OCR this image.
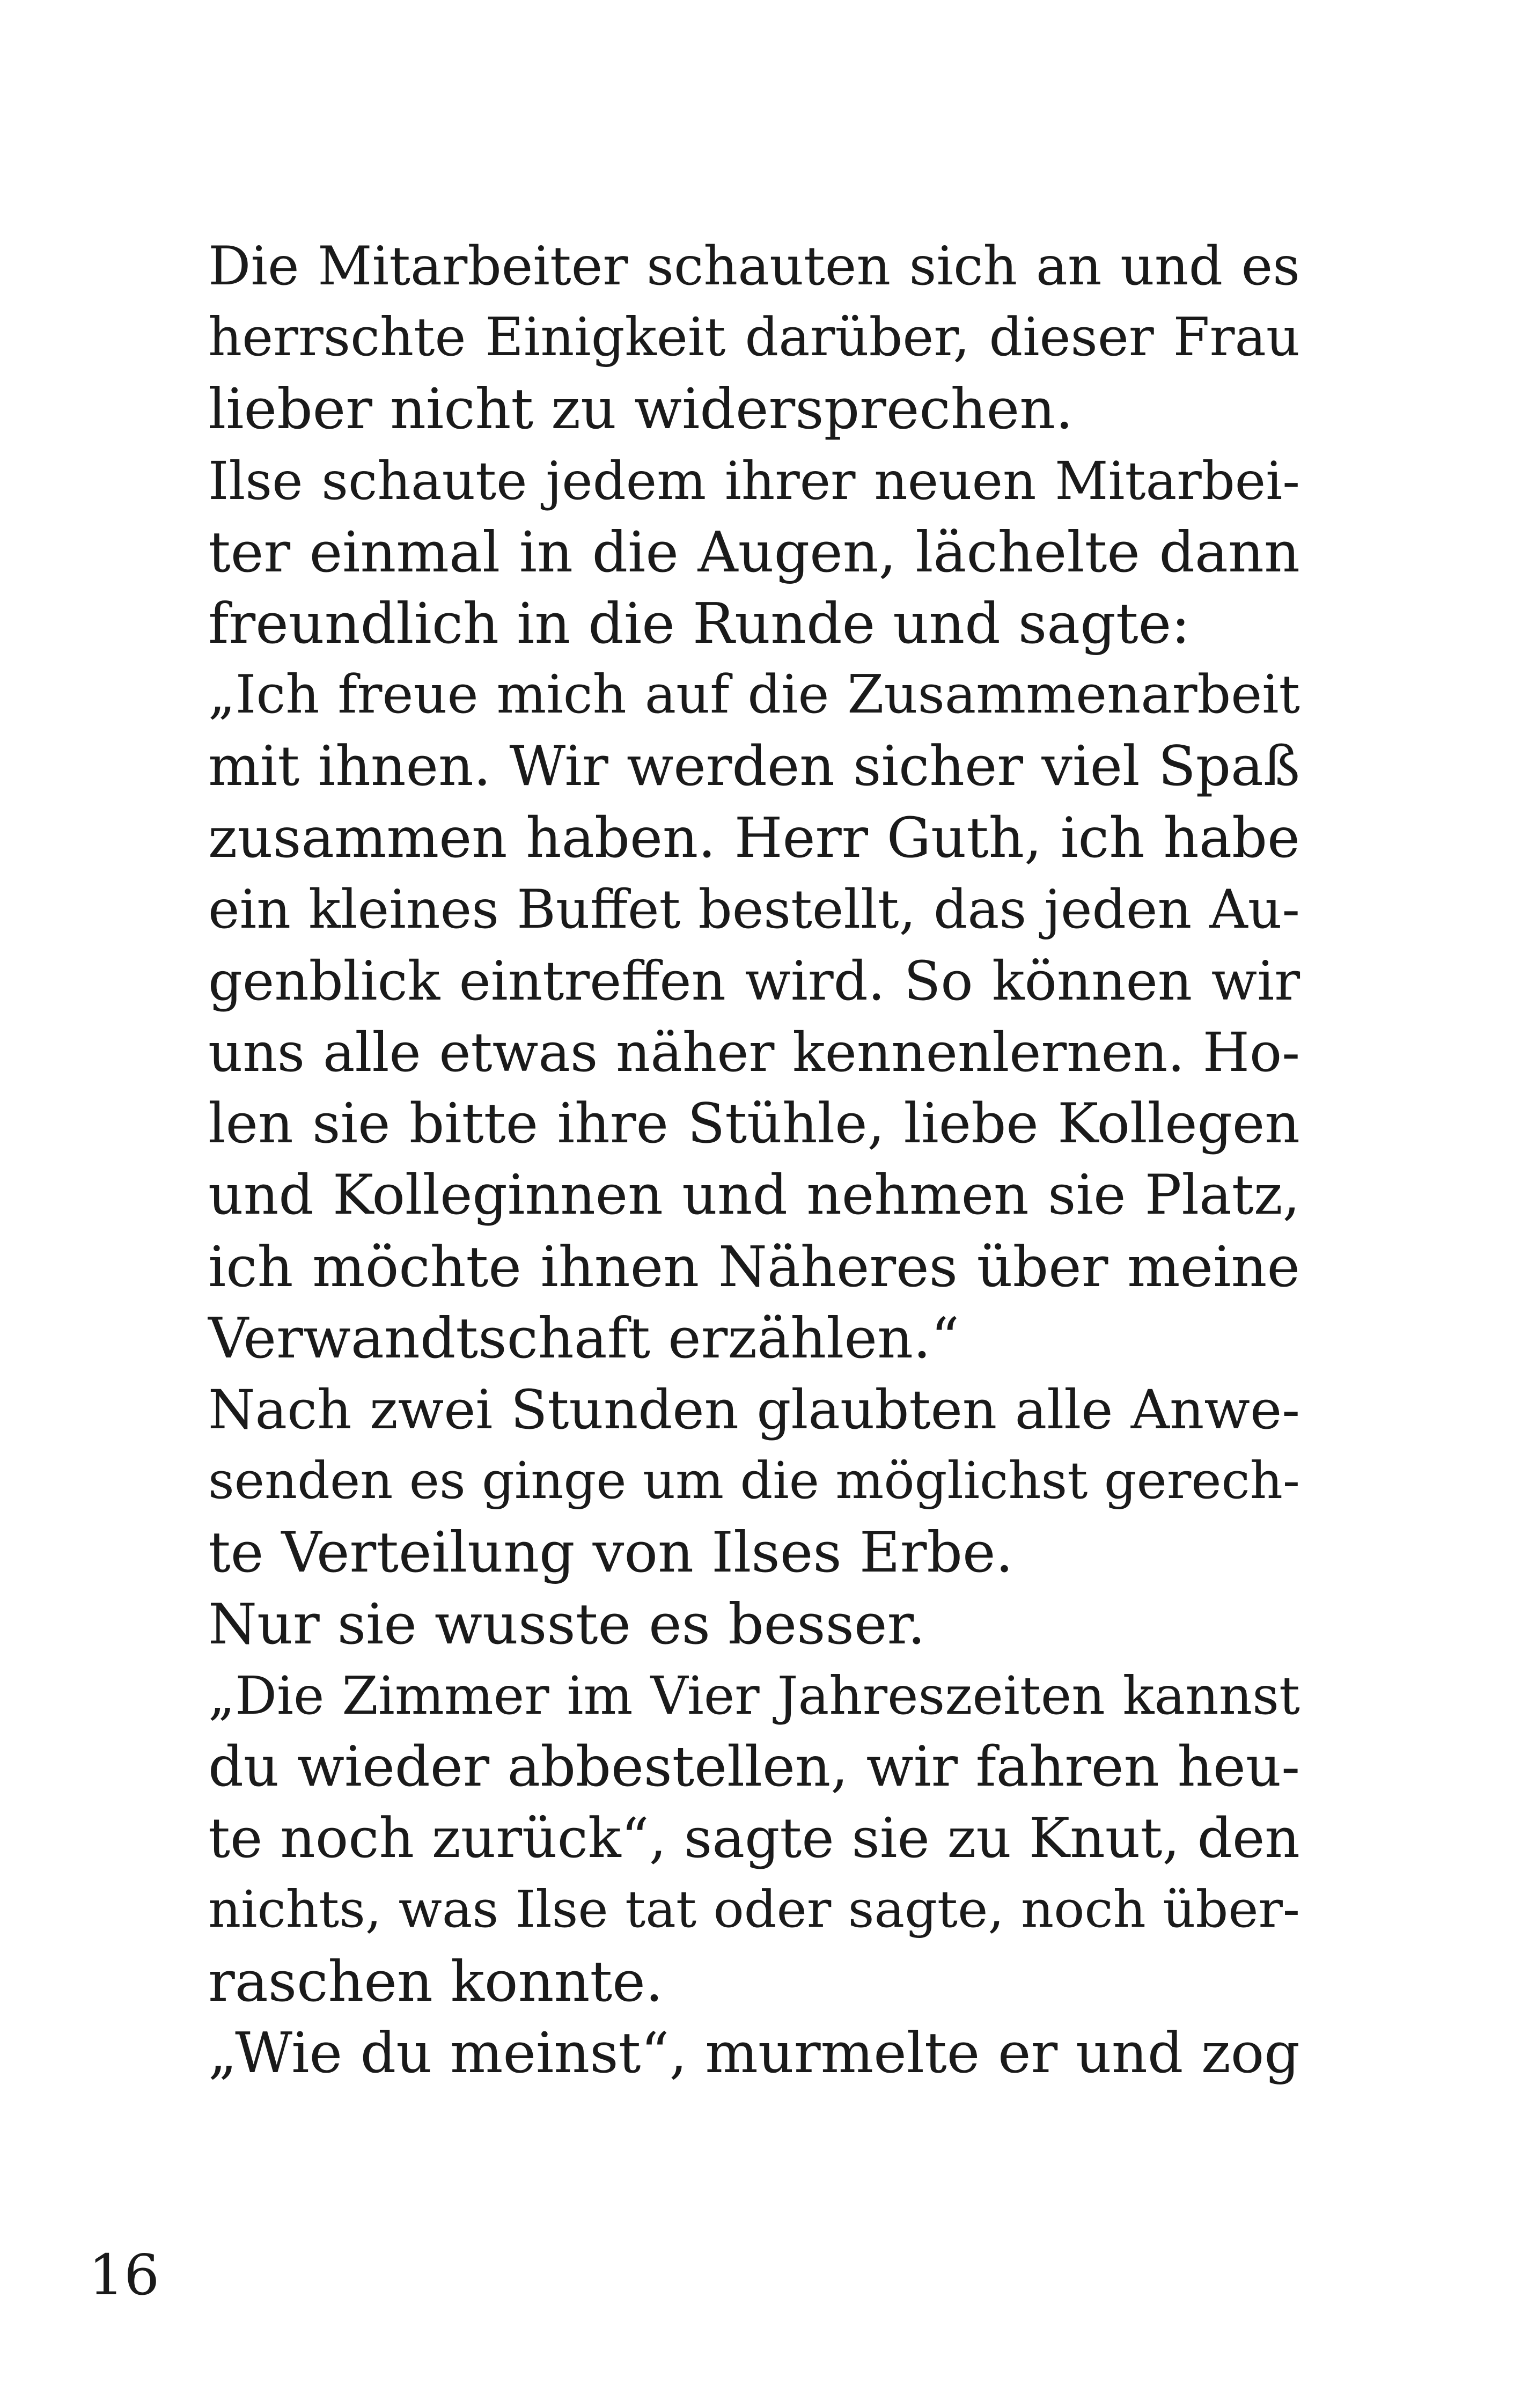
Die Mitarbeiter schauten sich an und es
herrschte Einigkeit darüber, dieser Frau
lieber nicht zu widersprechen.
Ilse schaute jedem ihrer neuen Mitarbei-
ter einmal in die Augen, lächelte dann
freundlich in die Runde und sagte:
„Ich freue mich auf die Zusammenarbeit
mit ihnen. Wir werden sicher viel Spaß
zusammen haben. Herr Guth, ich habe
ein kleines Buffet bestellt, das jeden Au-
genblick eintreffen wird. So können wir
uns alle etwas näher kennenlernen. Ho-
len sie bitte ihre Stühle, liebe Kollegen
und Kolleginnen und nehmen sie Platz,
ich möchte ihnen Näheres über meine
Verwandtschaft erzählen.“
Nach zwei Stunden glaubten alle Anwe-
senden es ginge um die möglichst gerech-
te Verteilung von Ilses Erbe.
Nur sie wusste es besser.
„Die Zimmer im Vier Jahreszeiten kannst
du wieder abbestellen, wir fahren heu-
te noch zurück“, sagte sie zu Knut, den
nichts, was Ilse tat oder sagte, noch über-
raschen konnte.
„Wie du meinst“, murmelte er und zog
16
